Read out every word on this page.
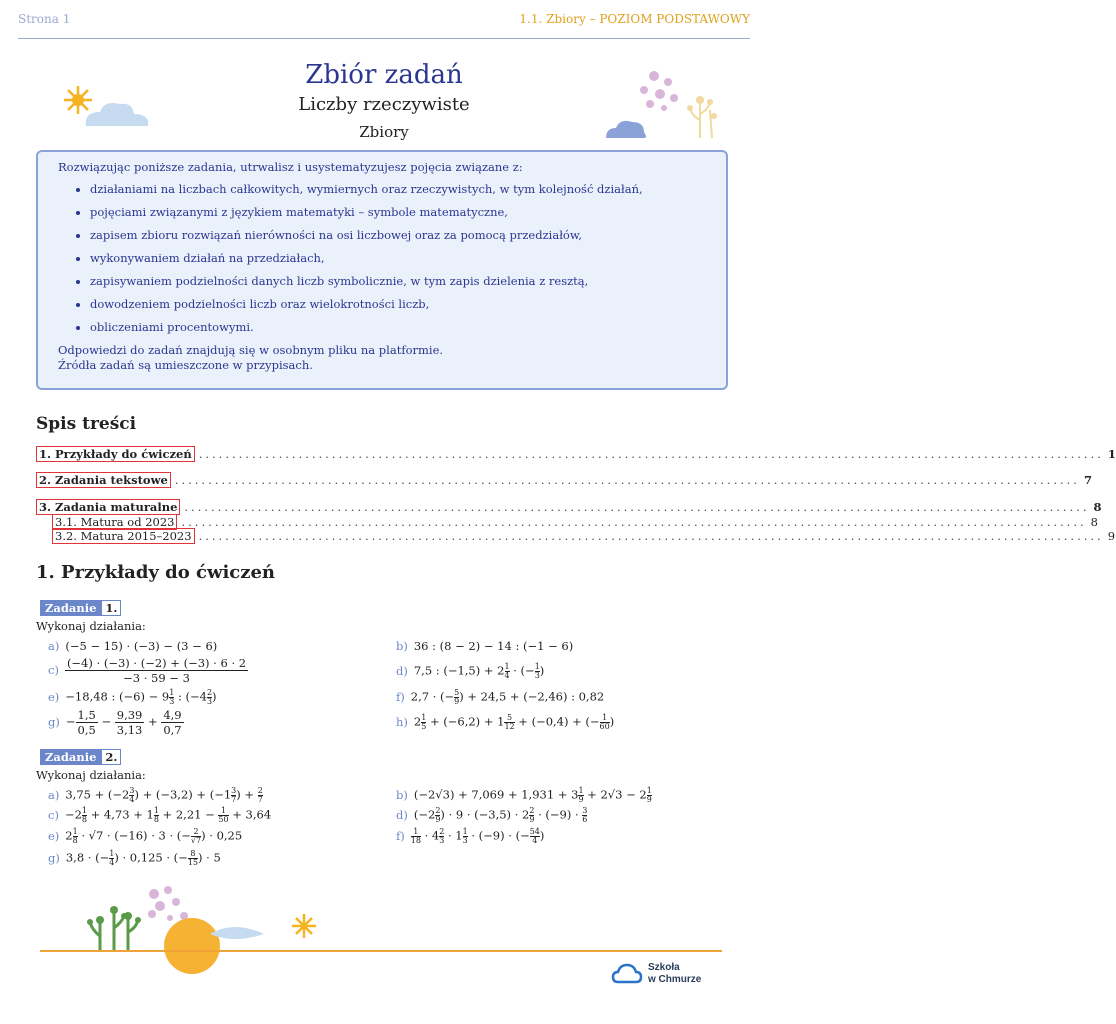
Strona 1	1.1. Zbiory – POZIOM PODSTAWOWY
Zbiór zadań
Liczby rzeczywiste
Zbiory
Rozwiązując poniższe zadania, utrwalisz i usystematyzujesz pojęcia związane z:
• działaniami na liczbach całkowitych, wymiernych oraz rzeczywistych, w tym kolejność działań,
• pojęciami związanymi z językiem matematyki – symbole matematyczne,
• zapisem zbioru rozwiązań nierówności na osi liczbowej oraz za pomocą przedziałów,
• wykonywaniem działań na przedziałach,
• zapisywaniem podzielności danych liczb symbolicznie, w tym zapis dzielenia z resztą,
• dowodzeniem podzielności liczb oraz wielokrotności liczb,
• obliczeniami procentowymi.
Odpowiedzi do zadań znajdują się w osobnym pliku na platformie.
Źródła zadań są umieszczone w przypisach.
Spis treści
1. Przykłady do ćwiczeń ........................................................................................................................................ 1
2. Zadania tekstowe ........................................................................................................................................ 7
3. Zadania maturalne ........................................................................................................................................ 8
3.1. Matura od 2023 ........................................................................................................................................ 8
3.2. Matura 2015–2023 ........................................................................................................................................ 9
1. Przykłady do ćwiczeń
Zadanie 1.
Wykonaj działania:
a) (−5 − 15) · (−3) − (3 − 6)	b) 36 : (8 − 2) − 14 : (−1 − 6)
$c) \frac{(-4) \cdot (-3) \cdot (-2) + (-3) \cdot 6 \cdot 2}{-3 \cdot 59 - 3}$	d) 7,5 : $(-1,5) + 2 \frac{1}{4}$ · (− $\frac{1}{3}$ )
e) −18,48 : $(-6) - 9 \frac{1}{3}$ : ($-4 \frac{2}{3}$ )	f) 2,7 · (− $\frac{5}{9}$ ) + 24,5 + (−2,46) : 0,82
$g) - \frac{1,5}{0,5} - \frac{9,39}{3,13} + \frac{4,9}{0,7}$	h) $2 \frac{1}{5} + (-6,2) + 1 \frac{5}{12} + (-0,4)$ + (− $\frac{1}{60}$ )
Zadanie 2.
Wykonaj działania:
a) $3,75 + (-2 \frac{3}{4}$ ) + $(-3,2) + (-1 \frac{3}{7}$ ) + $\frac{2}{7}$	b) $(-2√3) + 7,069 + 1,931 + 3 \frac{1}{9} + 2√3 - 2 \frac{1}{9}$
$c) -2 \frac{1}{8} + 4,73 + 1 \frac{1}{8} + 2,21 - \frac{1}{50} + 3,64$	d) ($-2 \frac{2}{9}$ ) · $9 \cdot (-3,5) \cdot 2 \frac{2}{9} \cdot (-9) \cdot \frac{3}{6}$
e) $2 \frac{1}{8} \cdot √7 \cdot (-16) \cdot 3$ · (− $\frac{2}{√7}$ ) · 0,25	$f) \frac{1}{18} \cdot 4 \frac{2}{3} \cdot 1 \frac{1}{3} \cdot (-9)$ · (− $\frac{54}{4}$ )
g) 3,8 · (− $\frac{1}{4}$ ) · 0,125 · (− $\frac{8}{15}$ ) · 5
Szkoła
w Chmurze
